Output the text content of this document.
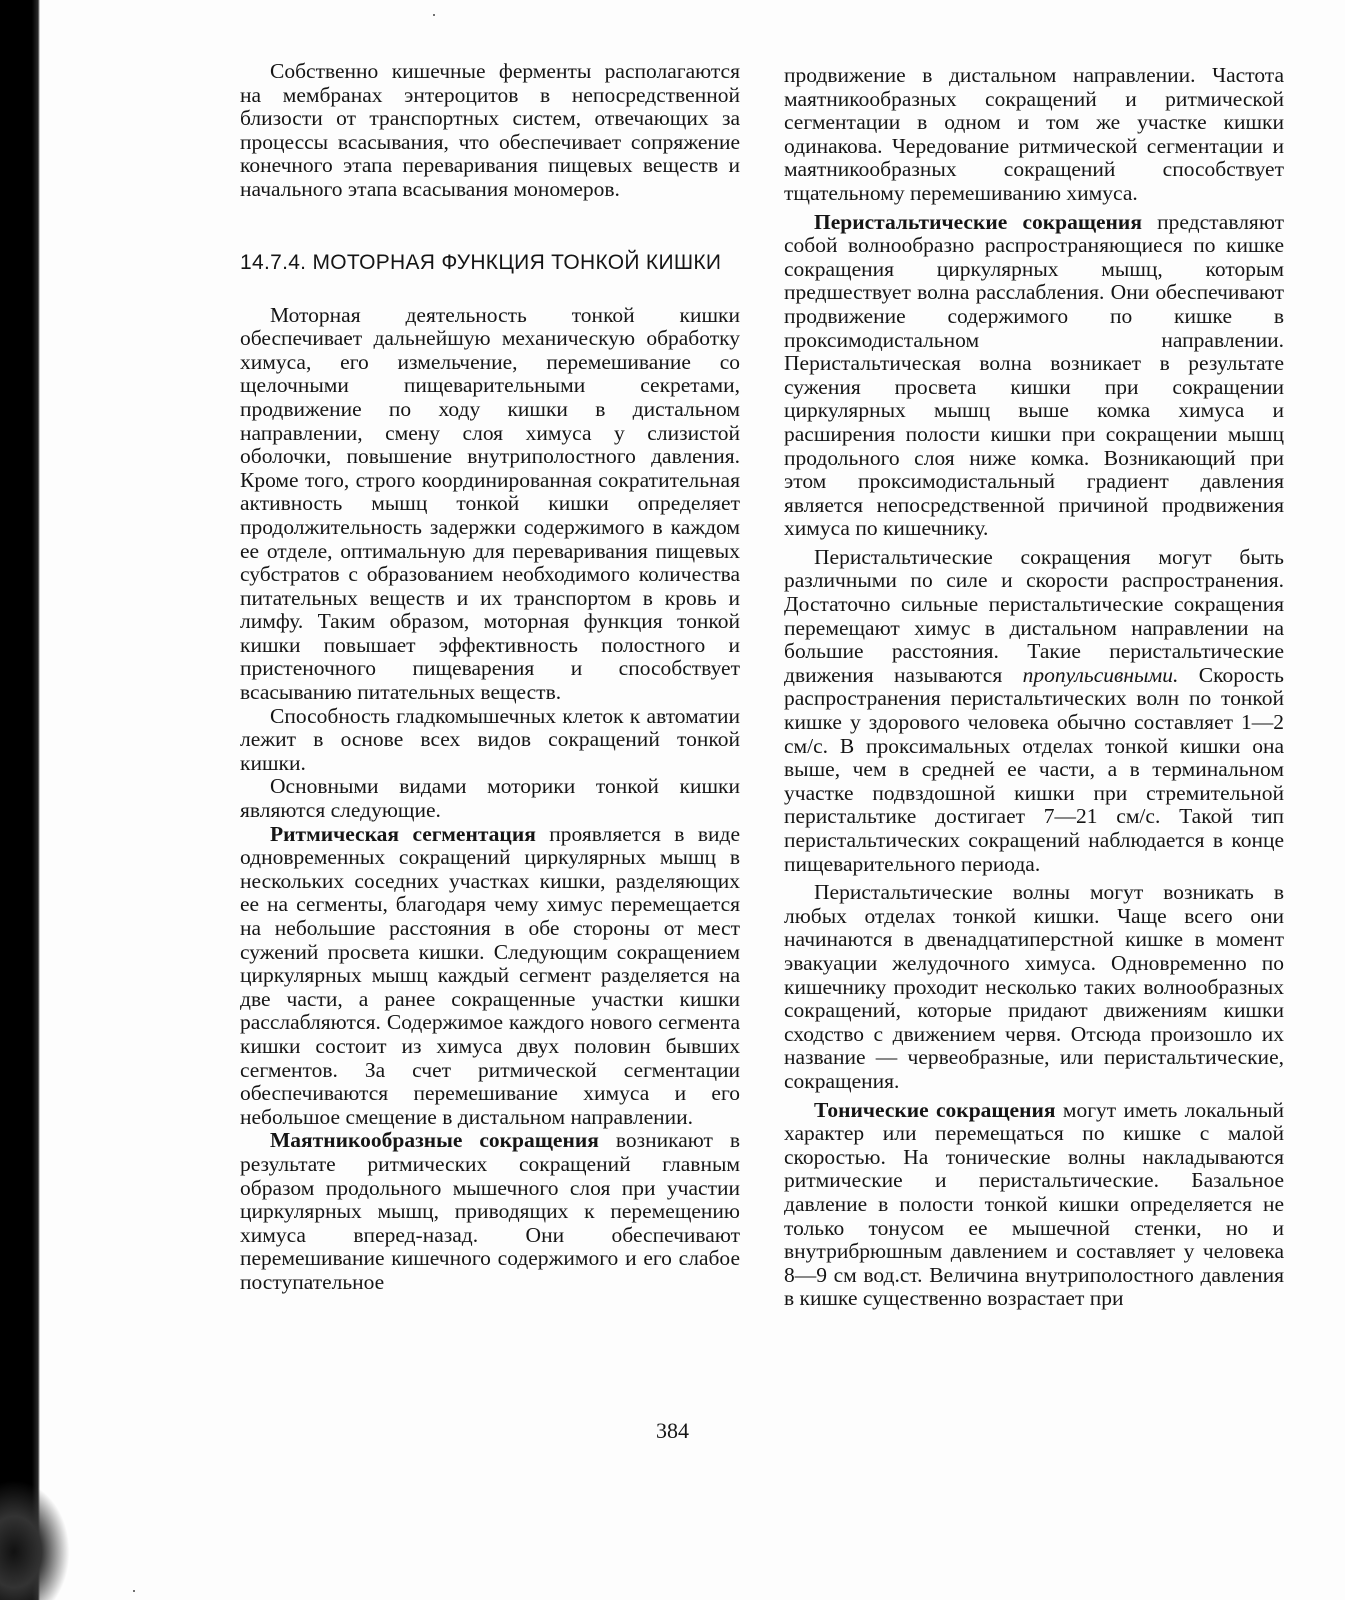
Собственно кишечные ферменты располагаются на мембранах энтероцитов в непосредственной близости от транспортных систем, отвечающих за процессы всасывания, что обеспечивает сопряжение конечного этапа переваривания пищевых веществ и начального этапа всасывания мономеров.

14.7.4. МОТОРНАЯ ФУНКЦИЯ ТОНКОЙ КИШКИ

Моторная деятельность тонкой кишки обеспечивает дальнейшую механическую обработку химуса, его измельчение, перемешивание со щелочными пищеварительными секретами, продвижение по ходу кишки в дистальном направлении, смену слоя химуса у слизистой оболочки, повышение внутриполостного давления. Кроме того, строго координированная сократительная активность мышц тонкой кишки определяет продолжительность задержки содержимого в каждом ее отделе, оптимальную для переваривания пищевых субстратов с образованием необходимого количества питательных веществ и их транспортом в кровь и лимфу. Таким образом, моторная функция тонкой кишки повышает эффективность полостного и пристеночного пищеварения и способствует всасыванию питательных веществ.

Способность гладкомышечных клеток к автоматии лежит в основе всех видов сокращений тонкой кишки.

Основными видами моторики тонкой кишки являются следующие.

Ритмическая сегментация проявляется в виде одновременных сокращений циркулярных мышц в нескольких соседних участках кишки, разделяющих ее на сегменты, благодаря чему химус перемещается на небольшие расстояния в обе стороны от мест сужений просвета кишки. Следующим сокращением циркулярных мышц каждый сегмент разделяется на две части, а ранее сокращенные участки кишки расслабляются. Содержимое каждого нового сегмента кишки состоит из химуса двух половин бывших сегментов. За счет ритмической сегментации обеспечиваются перемешивание химуса и его небольшое смещение в дистальном направлении.

Маятникообразные сокращения возникают в результате ритмических сокращений главным образом продольного мышечного слоя при участии циркулярных мышц, приводящих к перемещению химуса вперед-назад. Они обеспечивают перемешивание кишечного содержимого и его слабое поступательное

продвижение в дистальном направлении. Частота маятникообразных сокращений и ритмической сегментации в одном и том же участке кишки одинакова. Чередование ритмической сегментации и маятникообразных сокращений способствует тщательному перемешиванию химуса.

Перистальтические сокращения представляют собой волнообразно распространяющиеся по кишке сокращения циркулярных мышц, которым предшествует волна расслабления. Они обеспечивают продвижение содержимого по кишке в проксимодистальном направлении. Перистальтическая волна возникает в результате сужения просвета кишки при сокращении циркулярных мышц выше комка химуса и расширения полости кишки при сокращении мышц продольного слоя ниже комка. Возникающий при этом проксимодистальный градиент давления является непосредственной причиной продвижения химуса по кишечнику.

Перистальтические сокращения могут быть различными по силе и скорости распространения. Достаточно сильные перистальтические сокращения перемещают химус в дистальном направлении на большие расстояния. Такие перистальтические движения называются пропульсивными. Скорость распространения перистальтических волн по тонкой кишке у здорового человека обычно составляет 1—2 см/с. В проксимальных отделах тонкой кишки она выше, чем в средней ее части, а в терминальном участке подвздошной кишки при стремительной перистальтике достигает 7—21 см/с. Такой тип перистальтических сокращений наблюдается в конце пищеварительного периода.

Перистальтические волны могут возникать в любых отделах тонкой кишки. Чаще всего они начинаются в двенадцатиперстной кишке в момент эвакуации желудочного химуса. Одновременно по кишечнику проходит несколько таких волнообразных сокращений, которые придают движениям кишки сходство с движением червя. Отсюда произошло их название — червеобразные, или перистальтические, сокращения.

Тонические сокращения могут иметь локальный характер или перемещаться по кишке с малой скоростью. На тонические волны накладываются ритмические и перистальтические. Базальное давление в полости тонкой кишки определяется не только тонусом ее мышечной стенки, но и внутрибрюшным давлением и составляет у человека 8—9 см вод.ст. Величина внутриполостного давления в кишке существенно возрастает при

384
